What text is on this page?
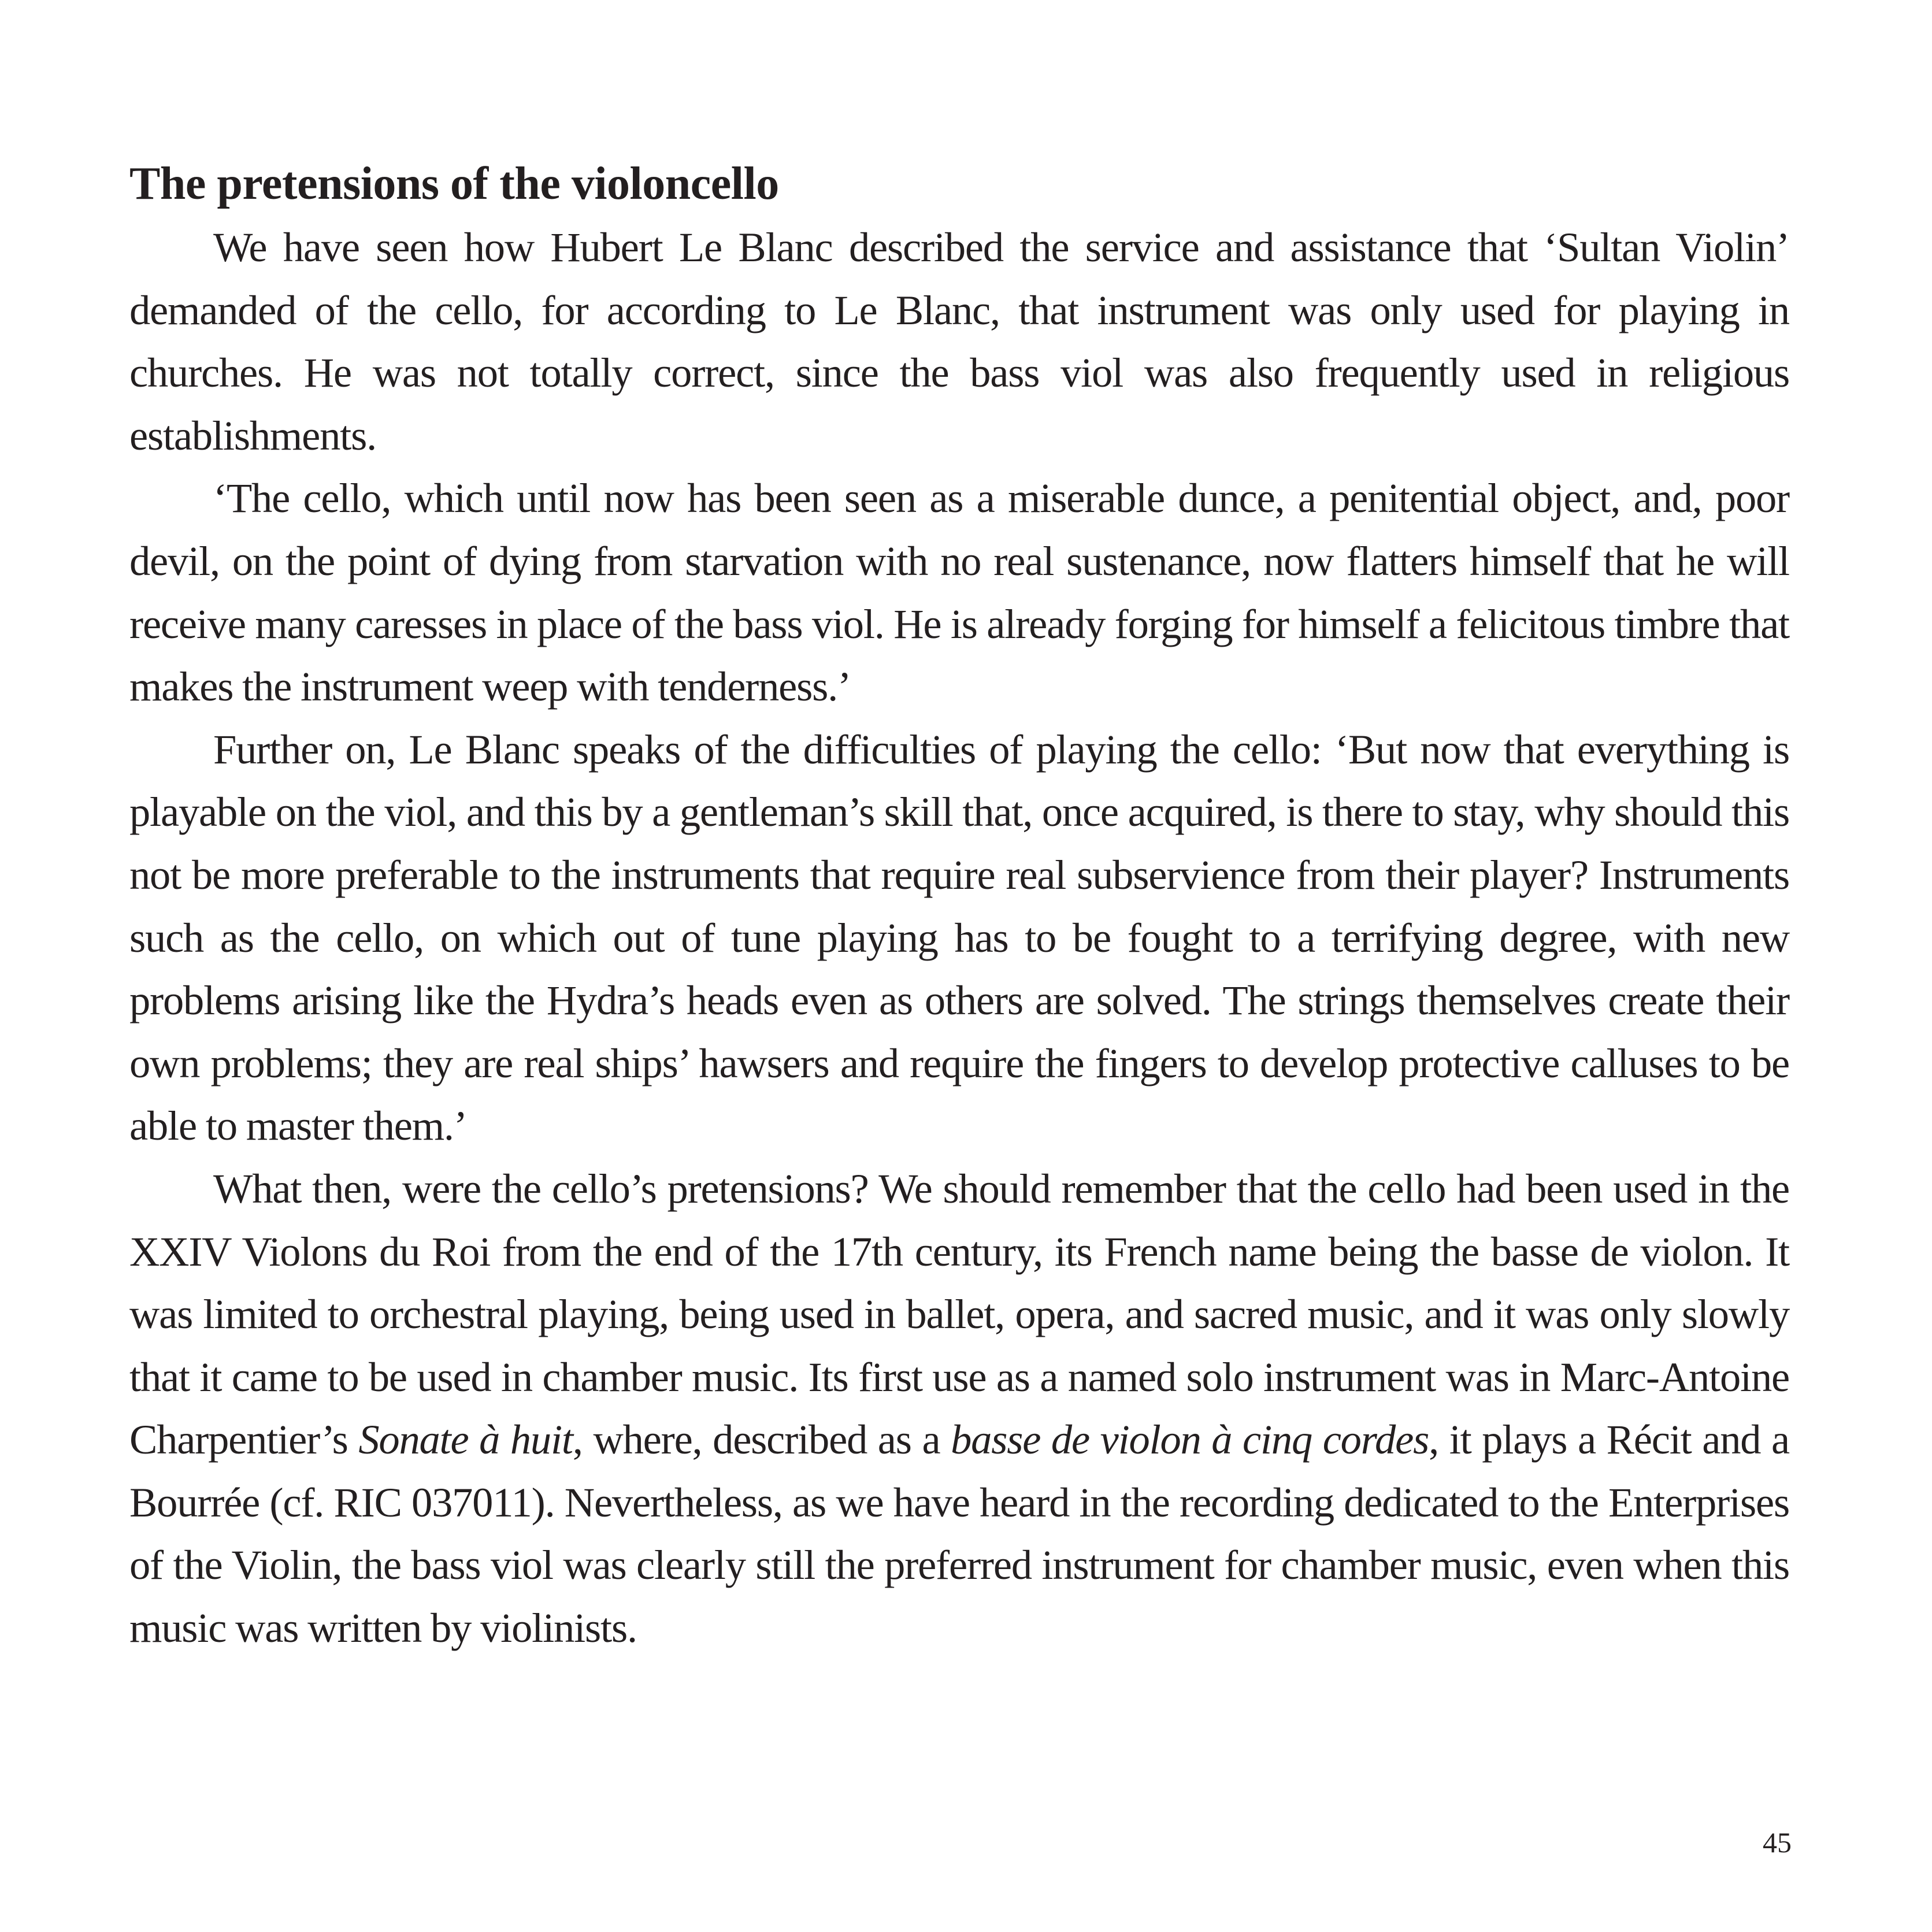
The pretensions of the violoncello

We have seen how Hubert Le Blanc described the service and assistance that ‘Sultan Violin’ demanded of the cello, for according to Le Blanc, that instrument was only used for playing in churches. He was not totally correct, since the bass viol was also frequently used in religious establishments.

‘The cello, which until now has been seen as a miserable dunce, a penitential object, and, poor devil, on the point of dying from starvation with no real sustenance, now flatters himself that he will receive many caresses in place of the bass viol. He is already forging for himself a felicitous timbre that makes the instrument weep with tenderness.’

Further on, Le Blanc speaks of the difficulties of playing the cello: ‘But now that everything is playable on the viol, and this by a gentleman’s skill that, once acquired, is there to stay, why should this not be more preferable to the instruments that require real subservience from their player? Instruments such as the cello, on which out of tune playing has to be fought to a terrifying degree, with new problems arising like the Hydra’s heads even as others are solved. The strings themselves create their own problems; they are real ships’ hawsers and require the fingers to develop protective calluses to be able to master them.’

What then, were the cello’s pretensions? We should remember that the cello had been used in the XXIV Violons du Roi from the end of the 17th century, its French name being the basse de violon. It was limited to orchestral playing, being used in ballet, opera, and sacred music, and it was only slowly that it came to be used in chamber music. Its first use as a named solo instrument was in Marc-Antoine Charpentier’s Sonate à huit, where, described as a basse de violon à cinq cordes, it plays a Récit and a Bourrée (cf. RIC 037011). Nevertheless, as we have heard in the recording dedicated to the Enterprises of the Violin, the bass viol was clearly still the preferred instrument for chamber music, even when this music was written by violinists.

45
